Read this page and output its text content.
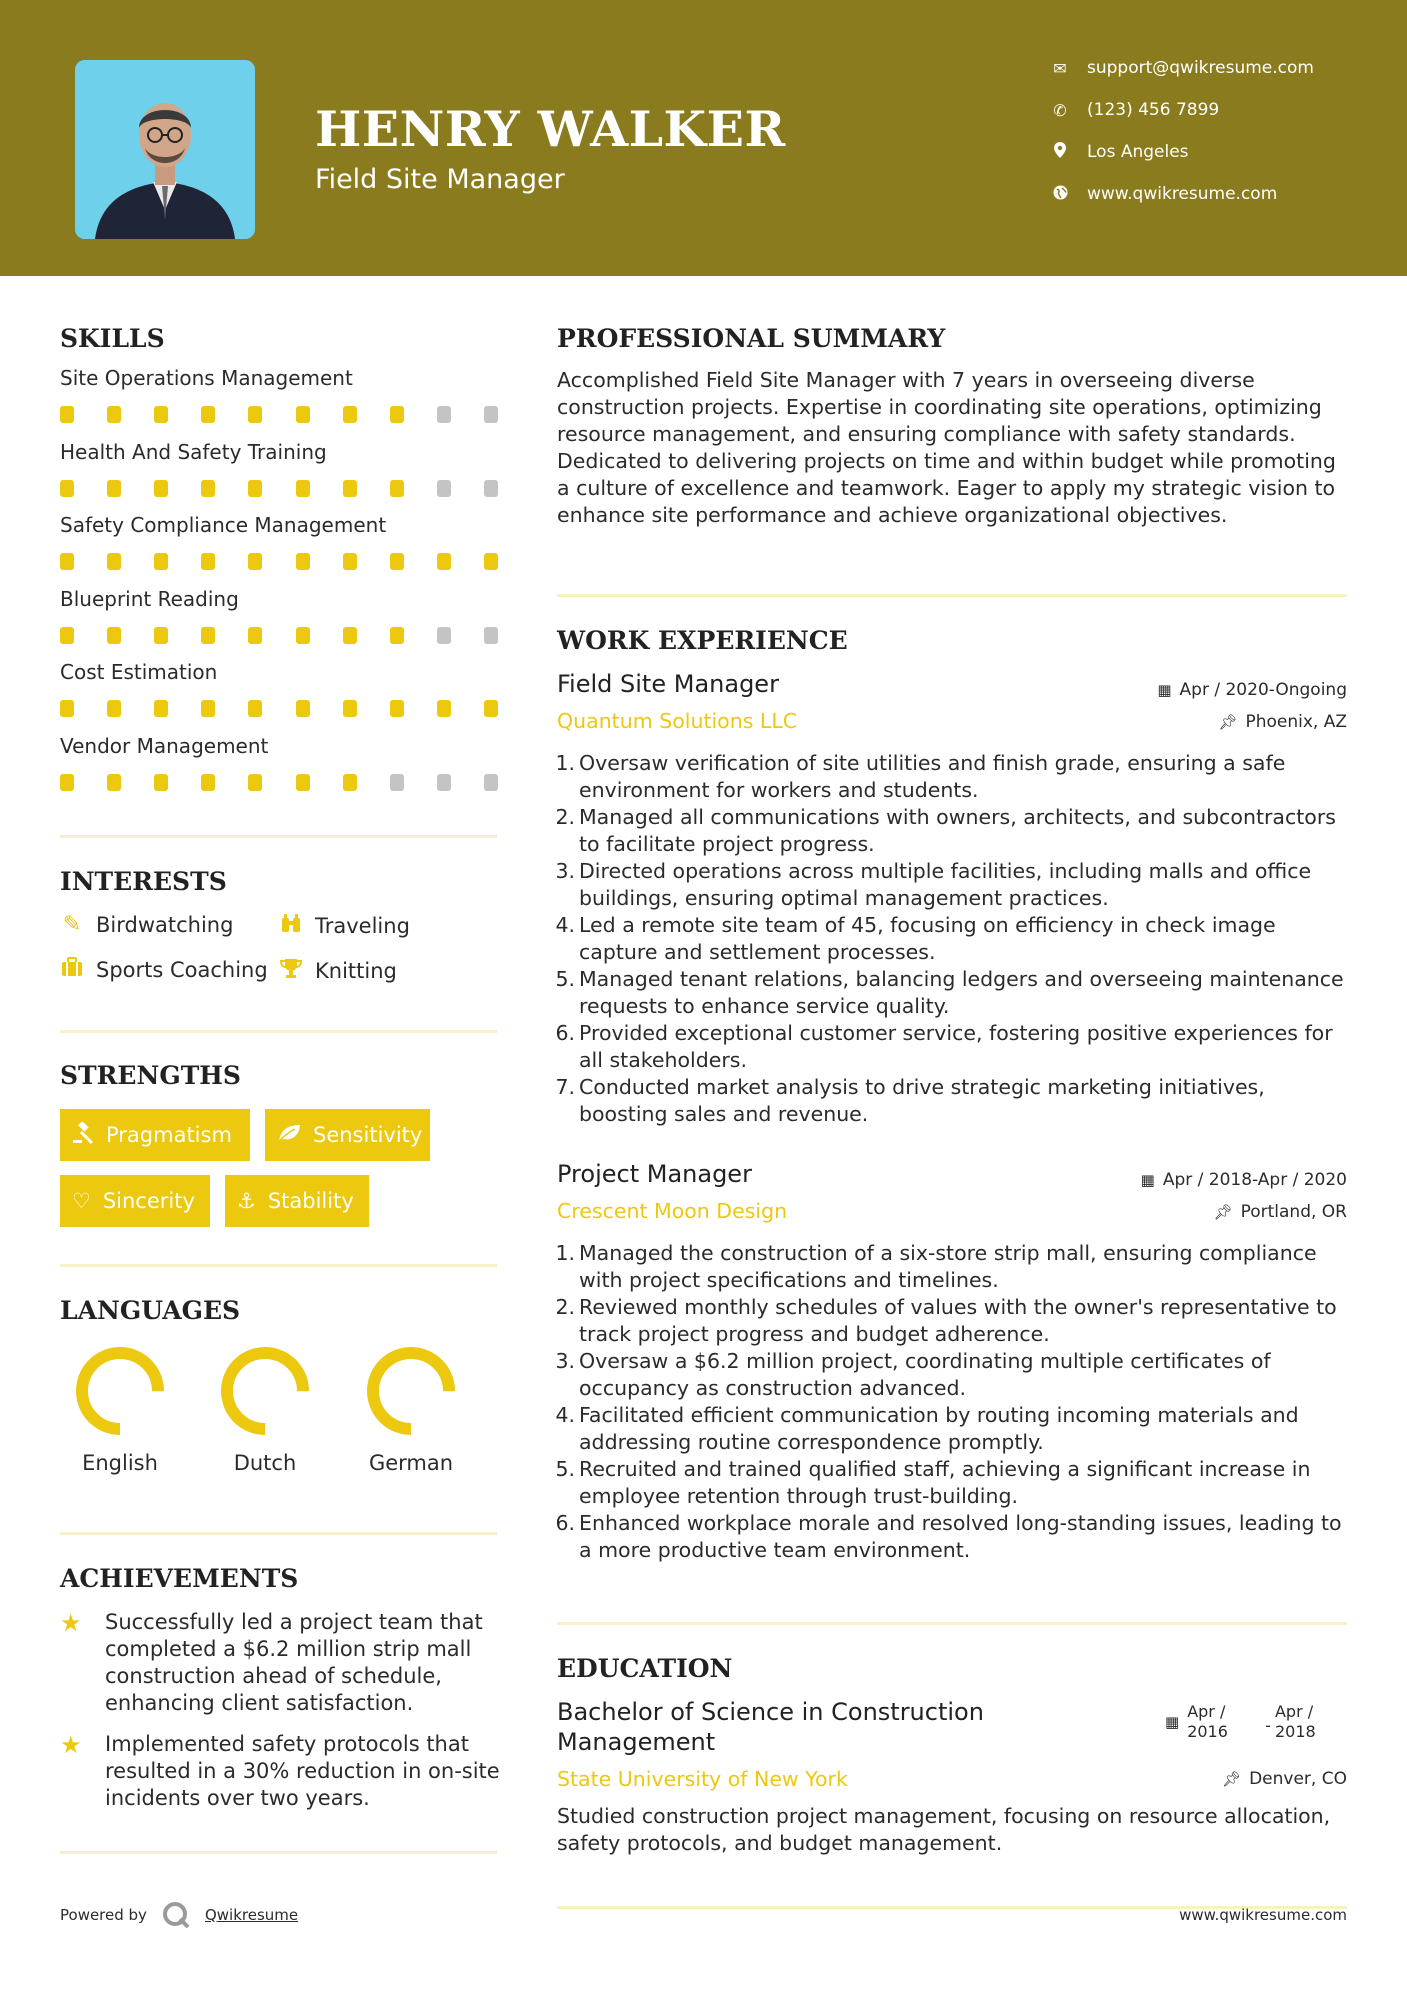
HENRY WALKER
Field Site Manager
✉ support@qwikresume.com
✆ (123) 456 7899
Los Angeles
www.qwikresume.com
SKILLS
Site Operations Management
Health And Safety Training
Safety Compliance Management
Blueprint Reading
Cost Estimation
Vendor Management
INTERESTS
✎ Birdwatching	Traveling
Sports Coaching Knitting
STRENGTHS
Pragmatism	Sensitivity
♡ Sincerity ⚓ Stability
LANGUAGES
English	Dutch	German
ACHIEVEMENTS
★	Successfully led a project team that completed a $6.2 million strip mall construction ahead of schedule, enhancing client satisfaction.
★	Implemented safety protocols that resulted in a 30% reduction in on-site incidents over two years.
PROFESSIONAL SUMMARY
Accomplished Field Site Manager with 7 years in overseeing diverse construction projects. Expertise in coordinating site operations, optimizing resource management, and ensuring compliance with safety standards. Dedicated to delivering projects on time and within budget while promoting a culture of excellence and teamwork. Eager to apply my strategic vision to enhance site performance and achieve organizational objectives.
WORK EXPERIENCE
Field Site Manager	▦ Apr / 2020-Ongoing
Quantum Solutions LLC	📌︎ Phoenix, AZ
1. Oversaw verification of site utilities and finish grade, ensuring a safe environment for workers and students.
2. Managed all communications with owners, architects, and subcontractors to facilitate project progress.
3. Directed operations across multiple facilities, including malls and office buildings, ensuring optimal management practices.
4. Led a remote site team of 45, focusing on efficiency in check image capture and settlement processes.
5. Managed tenant relations, balancing ledgers and overseeing maintenance requests to enhance service quality.
6. Provided exceptional customer service, fostering positive experiences for all stakeholders.
7. Conducted market analysis to drive strategic marketing initiatives, boosting sales and revenue.
Project Manager	▦ Apr / 2018-Apr / 2020
Crescent Moon Design	📌︎ Portland, OR
1. Managed the construction of a six-store strip mall, ensuring compliance with project specifications and timelines.
2. Reviewed monthly schedules of values with the owner's representative to track project progress and budget adherence.
3. Oversaw a $6.2 million project, coordinating multiple certificates of occupancy as construction advanced.
4. Facilitated efficient communication by routing incoming materials and addressing routine correspondence promptly.
5. Recruited and trained qualified staff, achieving a significant increase in employee retention through trust-building.
6. Enhanced workplace morale and resolved long-standing issues, leading to a more productive team environment.
EDUCATION
Bachelor of Science in Construction Management
▦
Apr / 2016	-
Apr / 2018
State University of New York	📌︎ Denver, CO
Studied construction project management, focusing on resource allocation, safety protocols, and budget management.
Powered by	Qwikresume	www.qwikresume.com
